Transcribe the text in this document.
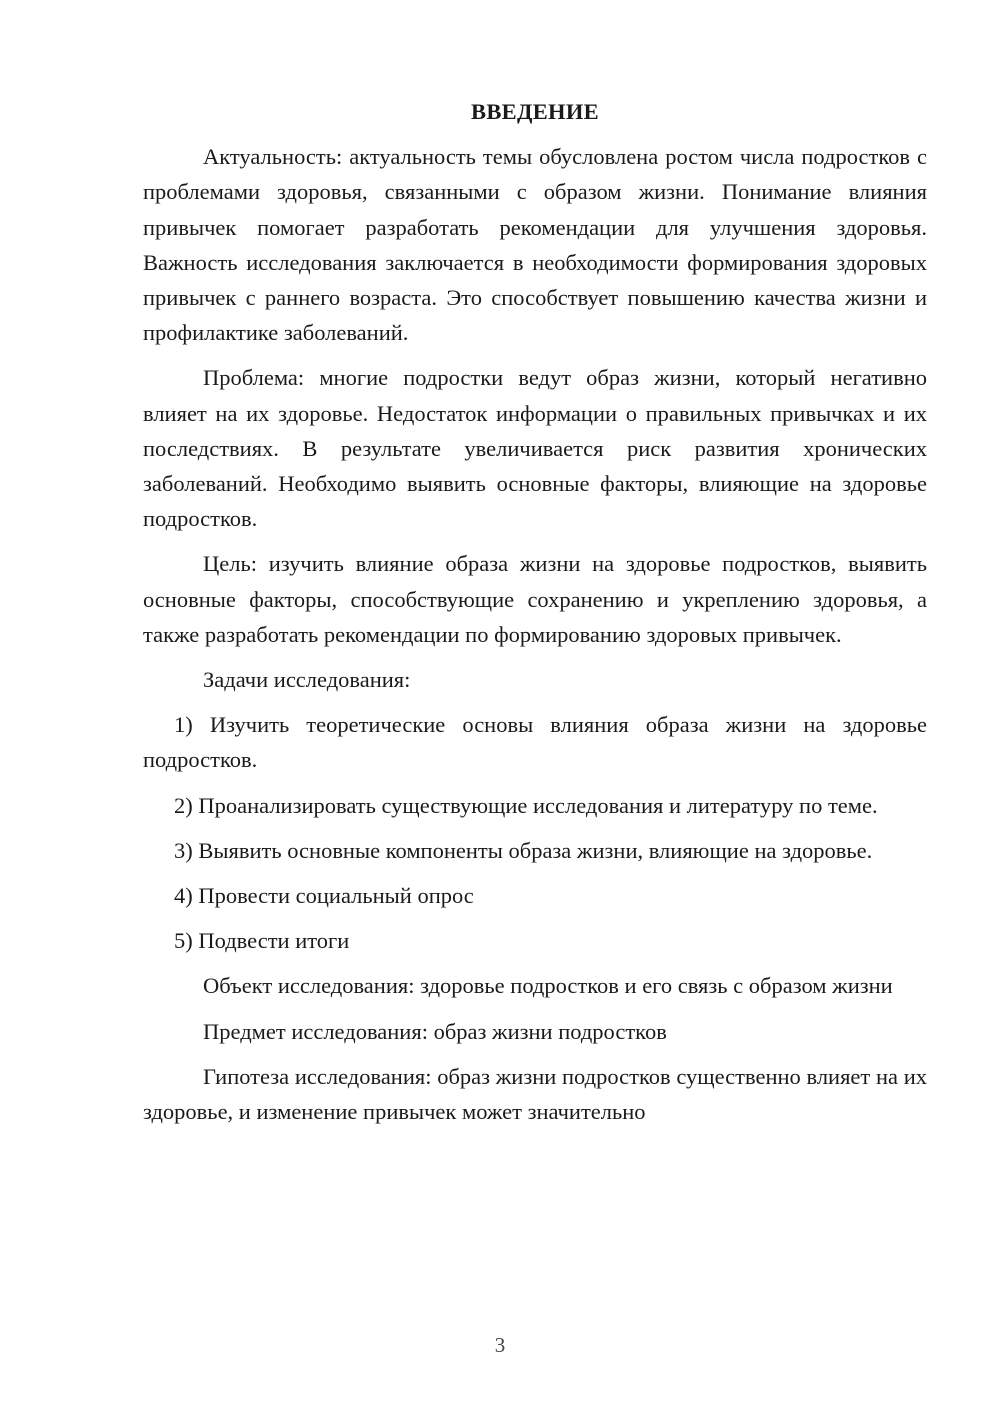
ВВЕДЕНИЕ

Актуальность: актуальность темы обусловлена ростом числа подростков с проблемами здоровья, связанными с образом жизни. Понимание влияния привычек помогает разработать рекомендации для улучшения здоровья. Важность исследования заключается в необходимости формирования здоровых привычек с раннего возраста. Это способствует повышению качества жизни и профилактике заболеваний.

Проблема: многие подростки ведут образ жизни, который негативно влияет на их здоровье. Недостаток информации о правильных привычках и их последствиях. В результате увеличивается риск развития хронических заболеваний. Необходимо выявить основные факторы, влияющие на здоровье подростков.

Цель: изучить влияние образа жизни на здоровье подростков, выявить основные факторы, способствующие сохранению и укреплению здоровья, а также разработать рекомендации по формированию здоровых привычек.

Задачи исследования:

1) Изучить теоретические основы влияния образа жизни на здоровье подростков.

2) Проанализировать существующие исследования и литературу по теме.

3) Выявить основные компоненты образа жизни, влияющие на здоровье.

4) Провести социальный опрос

5) Подвести итоги

Объект исследования: здоровье подростков и его связь с образом жизни

Предмет исследования: образ жизни подростков

Гипотеза исследования: образ жизни подростков существенно влияет на их здоровье, и изменение привычек может значительно

3
